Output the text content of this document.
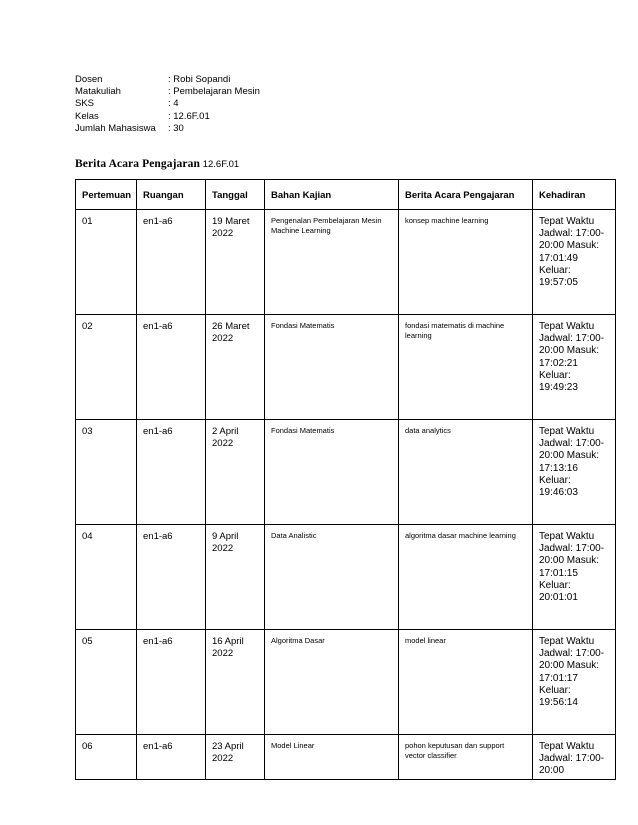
Dosen	: Robi Sopandi
Matakuliah	: Pembelajaran Mesin
SKS	: 4
Kelas	: 12.6F.01
Jumlah Mahasiswa	: 30
Berita Acara Pengajaran 12.6F.01
Pertemuan	Ruangan	Tanggal	Bahan Kajian	Berita Acara Pengajaran	Kehadiran
01	en1-a6	19 Maret 2022	Pengenalan Pembelajaran Mesin Machine Learning	konsep machine learning	Tepat Waktu Jadwal: 17:00-20:00 Masuk: 17:01:49 Keluar: 19:57:05
02	en1-a6	26 Maret 2022	Fondasi Matematis	fondasi matematis di machine learning	Tepat Waktu Jadwal: 17:00-20:00 Masuk: 17:02:21 Keluar: 19:49:23
03	en1-a6	2 April 2022	Fondasi Matematis	data analytics	Tepat Waktu Jadwal: 17:00-20:00 Masuk: 17:13:16 Keluar: 19:46:03
04	en1-a6	9 April 2022	Data Analistic	algoritma dasar machine learning	Tepat Waktu Jadwal: 17:00-20:00 Masuk: 17:01:15 Keluar: 20:01:01
05	en1-a6	16 April 2022	Algoritma Dasar	model linear	Tepat Waktu Jadwal: 17:00-20:00 Masuk: 17:01:17 Keluar: 19:56:14
06	en1-a6	23 April 2022	Model Linear	pohon keputusan dan support vector classifier	Tepat Waktu Jadwal: 17:00-20:00
